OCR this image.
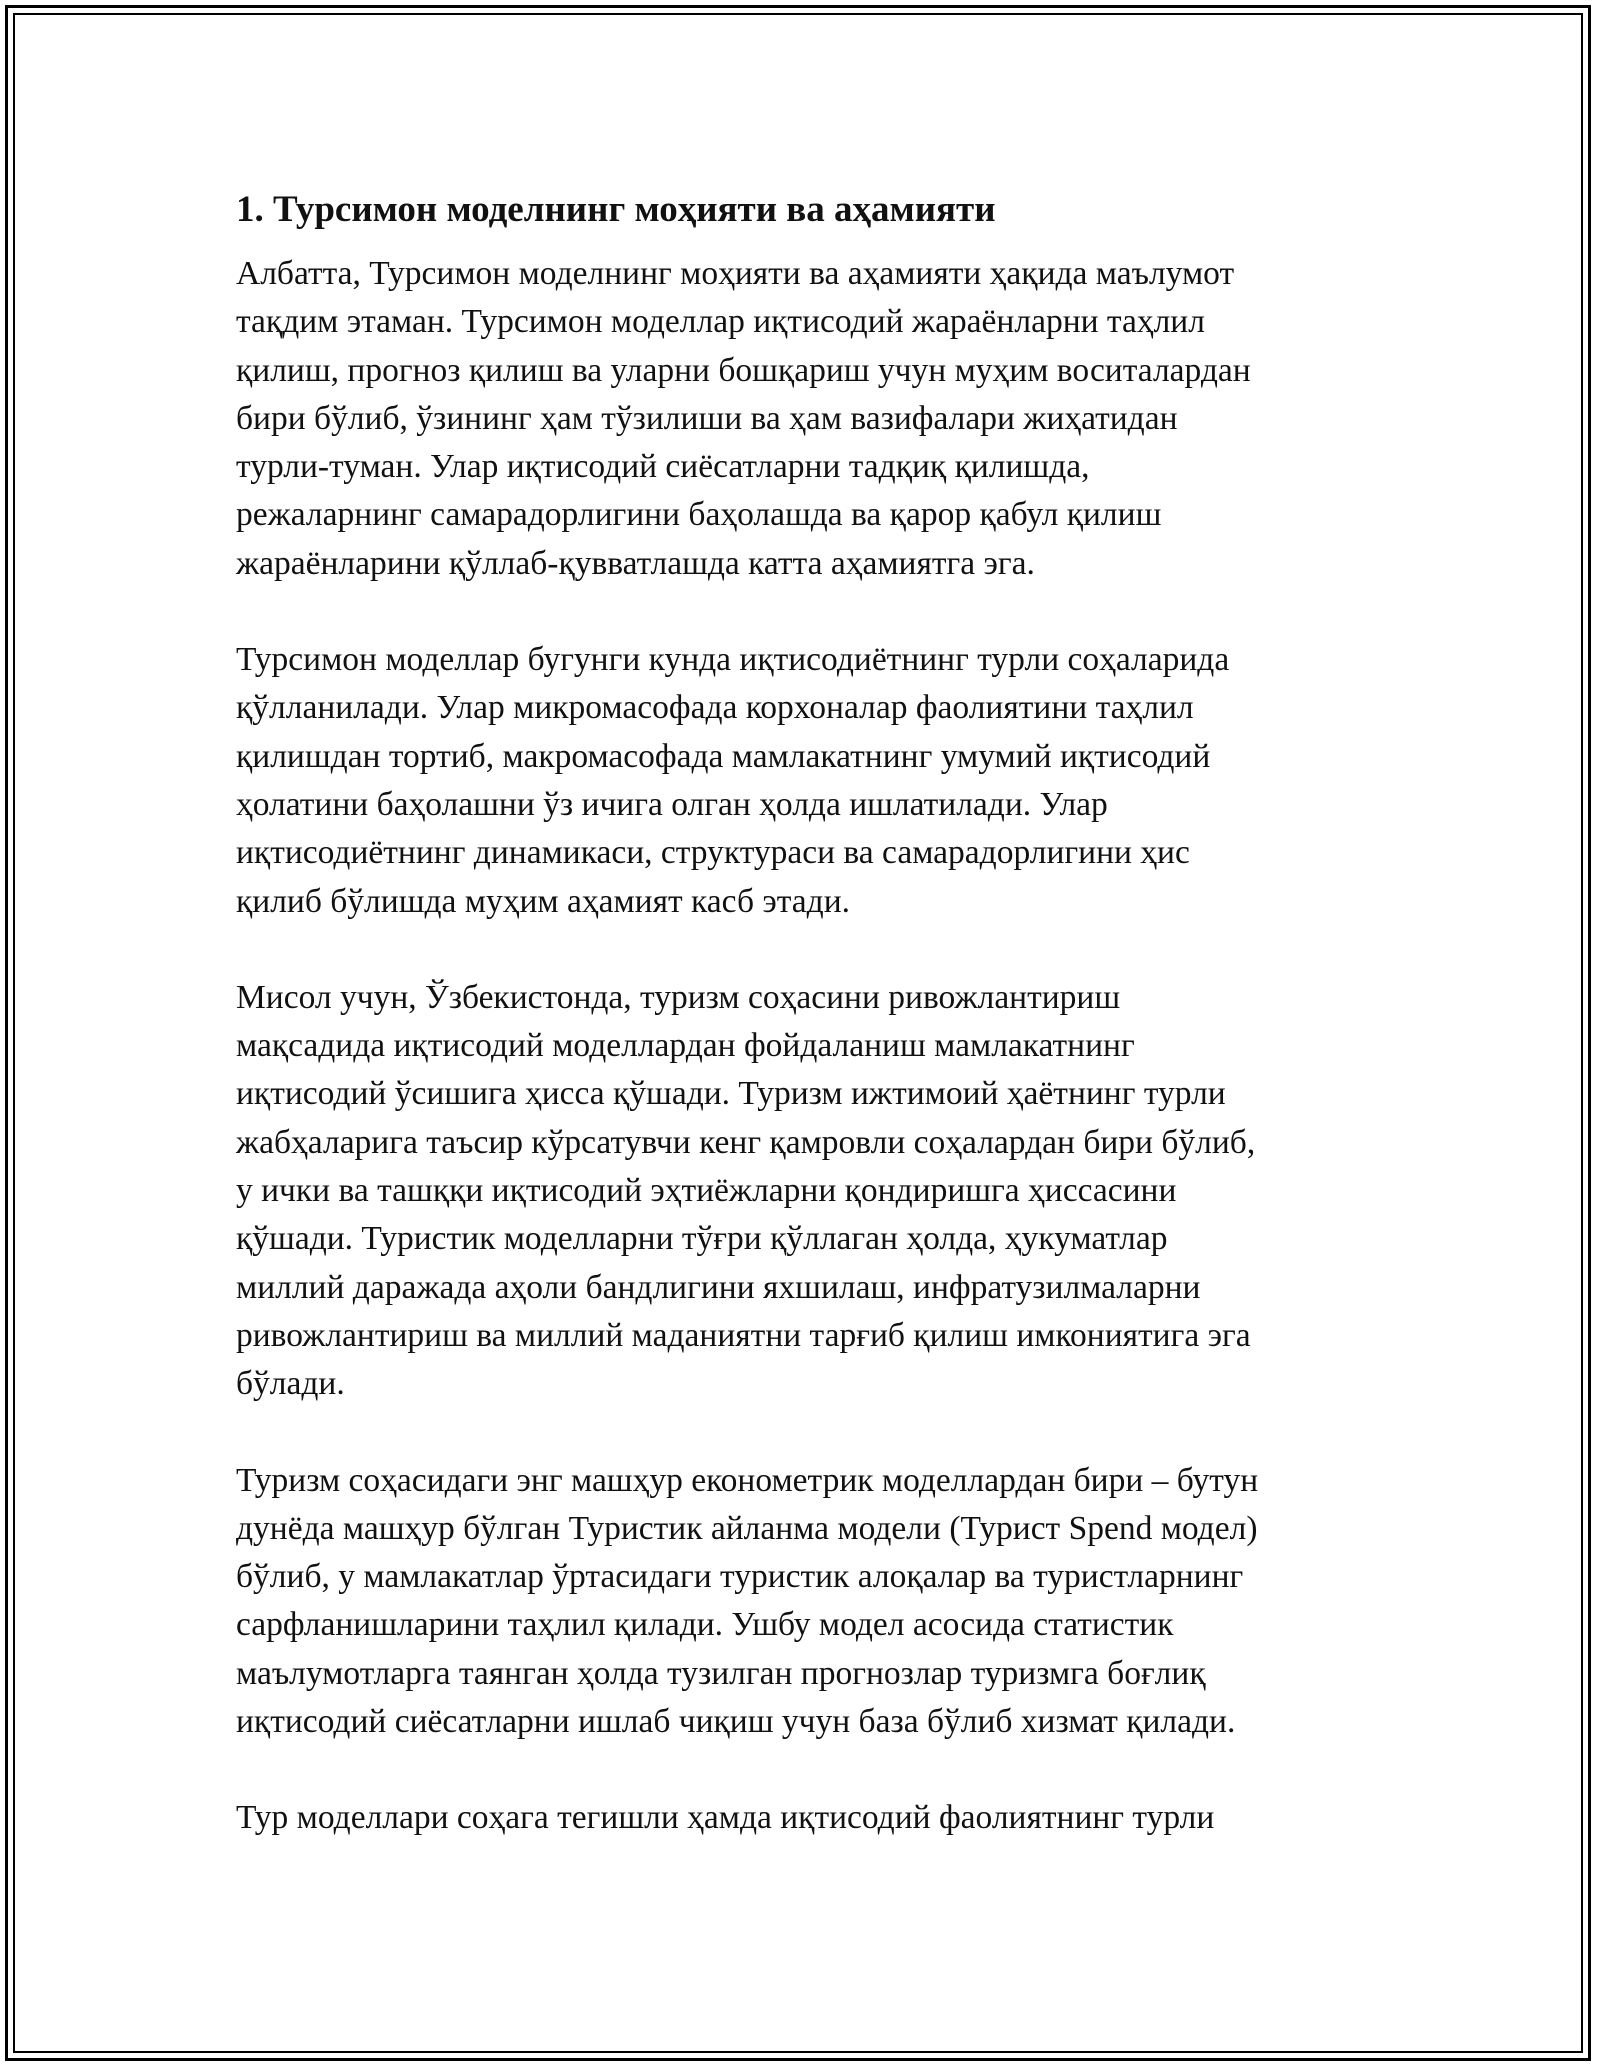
1. Турсимон моделнинг моҳияти ва аҳамияти

Албатта, Турсимон моделнинг моҳияти ва аҳамияти ҳақида маълумот
тақдим этаман. Турсимон моделлар иқтисодий жараёнларни таҳлил
қилиш, прогноз қилиш ва уларни бошқариш учун муҳим воситалардан
бири бўлиб, ўзининг ҳам тўзилиши ва ҳам вазифалари жиҳатидан
турли-туман. Улар иқтисодий сиёсатларни тадқиқ қилишда,
режаларнинг самарадорлигини баҳолашда ва қарор қабул қилиш
жараёнларини қўллаб-қувватлашда катта аҳамиятга эга.

Турсимон моделлар бугунги кунда иқтисодиётнинг турли соҳаларида
қўлланилади. Улар микромасофада корхоналар фаолиятини таҳлил
қилишдан тортиб, макромасофада мамлакатнинг умумий иқтисодий
ҳолатини баҳолашни ўз ичига олган ҳолда ишлатилади. Улар
иқтисодиётнинг динамикаси, структураси ва самарадорлигини ҳис
қилиб бўлишда муҳим аҳамият касб этади.

Мисол учун, Ўзбекистонда, туризм соҳасини ривожлантириш
мақсадида иқтисодий моделлардан фойдаланиш мамлакатнинг
иқтисодий ўсишига ҳисса қўшади. Туризм ижтимоий ҳаётнинг турли
жабҳаларига таъсир кўрсатувчи кенг қамровли соҳалардан бири бўлиб,
у ички ва ташққи иқтисодий эҳтиёжларни қондиришга ҳиссасини
қўшади. Туристик моделларни тўғри қўллаган ҳолда, ҳукуматлар
миллий даражада аҳоли бандлигини яхшилаш, инфратузилмаларни
ривожлантириш ва миллий маданиятни тарғиб қилиш имкониятига эга
бўлади.

Туризм соҳасидаги энг машҳур економетрик моделлардан бири – бутун
дунёда машҳур бўлган Туристик айланма модели (Турист Spend модел)
бўлиб, у мамлакатлар ўртасидаги туристик алоқалар ва туристларнинг
сарфланишларини таҳлил қилади. Ушбу модел асосида статистик
маълумотларга таянган ҳолда тузилган прогнозлар туризмга боғлиқ
иқтисодий сиёсатларни ишлаб чиқиш учун база бўлиб хизмат қилади.

Тур моделлари соҳага тегишли ҳамда иқтисодий фаолиятнинг турли
